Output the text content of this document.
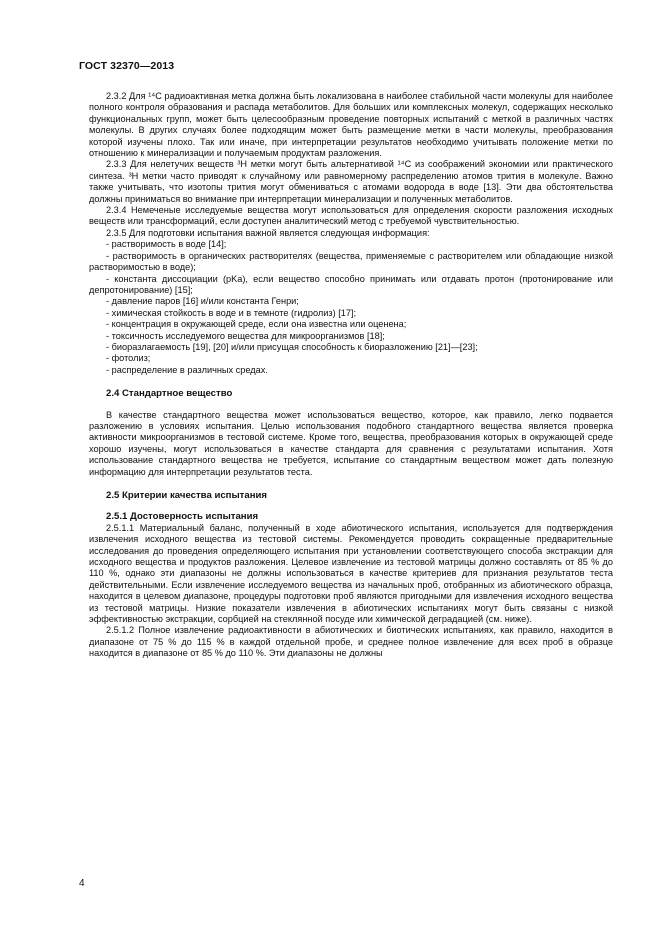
ГОСТ 32370—2013

2.3.2 Для ¹⁴C радиоактивная метка должна быть локализована в наиболее стабильной части молекулы для наиболее полного контроля образования и распада метаболитов. Для больших или комплексных молекул, содержащих несколько функциональных групп, может быть целесообразным проведение повторных испытаний с меткой в различных частях молекулы. В других случаях более подходящим может быть размещение метки в части молекулы, преобразования которой изучены плохо. Так или иначе, при интерпретации результатов необходимо учитывать положение метки по отношению к минерализации и получаемым продуктам разложения.

2.3.3 Для нелетучих веществ ³H метки могут быть альтернативой ¹⁴C из соображений экономии или практического синтеза. ³H метки часто приводят к случайному или равномерному распределению атомов трития в молекуле. Важно также учитывать, что изотопы трития могут обмениваться с атомами водорода в воде [13]. Эти два обстоятельства должны приниматься во внимание при интерпретации минерализации и полученных метаболитов.

2.3.4 Немеченые исследуемые вещества могут использоваться для определения скорости разложения исходных веществ или трансформаций, если доступен аналитический метод с требуемой чувствительностью.

2.3.5 Для подготовки испытания важной является следующая информация:

- растворимость в воде [14];

- растворимость в органических растворителях (вещества, применяемые с растворителем или обладающие низкой растворимостью в воде);

- константа диссоциации (pKa), если вещество способно принимать или отдавать протон (протонирование или депротонирование) [15];

- давление паров [16] и/или константа Генри;

- химическая стойкость в воде и в темноте (гидролиз) [17];

- концентрация в окружающей среде, если она известна или оценена;

- токсичность исследуемого вещества для микроорганизмов [18];

- биоразлагаемость [19], [20] и/или присущая способность к биоразложению [21]—[23];

- фотолиз;

- распределение в различных средах.

2.4 Стандартное вещество

В качестве стандартного вещества может использоваться вещество, которое, как правило, легко подвается разложению в условиях испытания. Целью использования подобного стандартного вещества является проверка активности микроорганизмов в тестовой системе. Кроме того, вещества, преобразования которых в окружающей среде хорошо изучены, могут использоваться в качестве стандарта для сравнения с результатами испытания. Хотя использование стандартного вещества не требуется, испытание со стандартным веществом может дать полезную информацию для интерпретации результатов теста.

2.5 Критерии качества испытания
2.5.1 Достоверность испытания

2.5.1.1 Материальный баланс, полученный в ходе абиотического испытания, используется для подтверждения извлечения исходного вещества из тестовой системы. Рекомендуется проводить сокращенные предварительные исследования до проведения определяющего испытания при установлении соответствующего способа экстракции для исходного вещества и продуктов разложения. Целевое извлечение из тестовой матрицы должно составлять от 85 % до 110 %, однако эти диапазоны не должны использоваться в качестве критериев для признания результатов теста действительными. Если извлечение исследуемого вещества из начальных проб, отобранных из абиотического образца, находится в целевом диапазоне, процедуры подготовки проб являются пригодными для извлечения исходного вещества из тестовой матрицы. Низкие показатели извлечения в абиотических испытаниях могут быть связаны с низкой эффективностью экстракции, сорбцией на стеклянной посуде или химической деградацией (см. ниже).

2.5.1.2 Полное извлечение радиоактивности в абиотических и биотических испытаниях, как правило, находится в диапазоне от 75 % до 115 % в каждой отдельной пробе, и среднее полное извлечение для всех проб в образце находится в диапазоне от 85 % до 110 %. Эти диапазоны не должны

4
